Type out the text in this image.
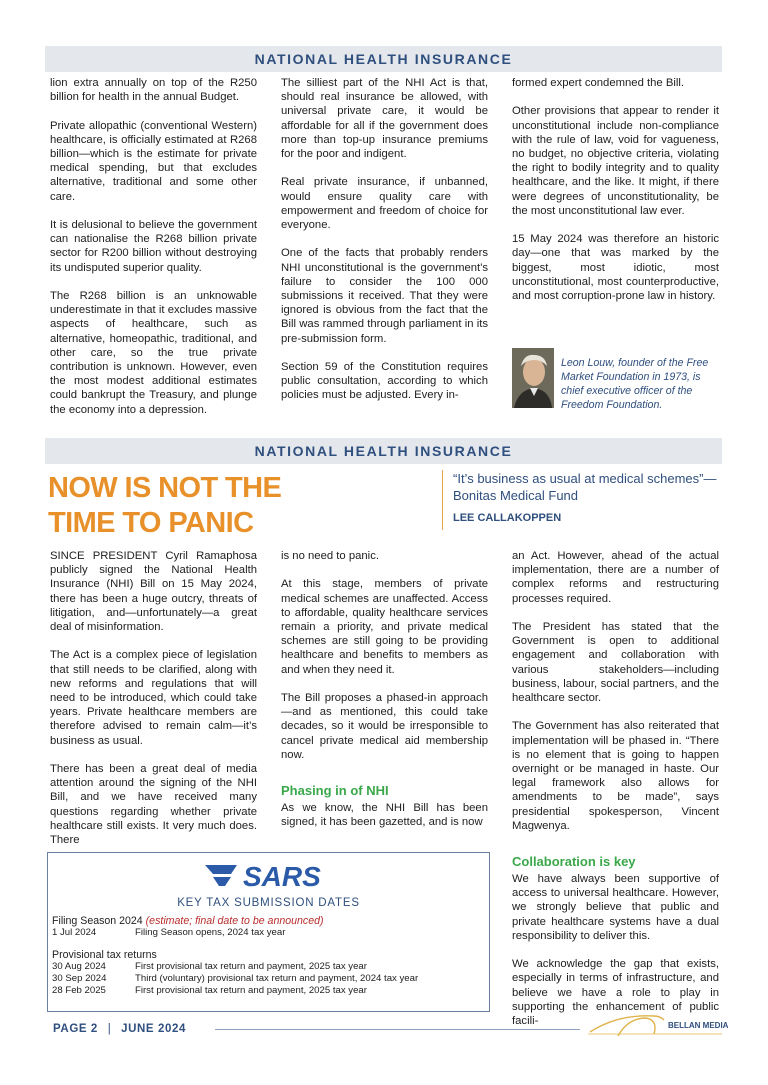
NATIONAL HEALTH INSURANCE

lion extra annually on top of the R250 billion for health in the annual Budget.

Private allopathic (conventional Western) healthcare, is officially estimated at R268 billion—which is the estimate for private medical spending, but that excludes alternative, traditional and some other care.

It is delusional to believe the government can nationalise the R268 billion private sector for R200 billion without destroying its undisputed superior quality.

The R268 billion is an unknowable underestimate in that it excludes massive aspects of healthcare, such as alternative, homeopathic, traditional, and other care, so the true private contribution is unknown. However, even the most modest additional estimates could bankrupt the Treasury, and plunge the economy into a depression.

The silliest part of the NHI Act is that, should real insurance be allowed, with universal private care, it would be affordable for all if the government does more than top-up insurance premiums for the poor and indigent.

Real private insurance, if unbanned, would ensure quality care with empowerment and freedom of choice for everyone.

One of the facts that probably renders NHI unconstitutional is the government's failure to consider the 100 000 submissions it received. That they were ignored is obvious from the fact that the Bill was rammed through parliament in its pre-submission form.

Section 59 of the Constitution requires public consultation, according to which policies must be adjusted. Every in-

formed expert condemned the Bill.

Other provisions that appear to render it unconstitutional include non-compliance with the rule of law, void for vagueness, no budget, no objective criteria, violating the right to bodily integrity and to quality healthcare, and the like. It might, if there were degrees of unconstitutionality, be the most unconstitutional law ever.

15 May 2024 was therefore an historic day—one that was marked by the biggest, most idiotic, most unconstitutional, most counterproductive, and most corruption-prone law in history.

Leon Louw, founder of the Free Market Foundation in 1973, is chief executive officer of the Freedom Foundation.
NATIONAL HEALTH INSURANCE
NOW IS NOT THE
TIME TO PANIC
“It’s business as usual at medical schemes”—Bonitas Medical Fund
LEE CALLAKOPPEN

SINCE PRESIDENT Cyril Ramaphosa publicly signed the National Health Insurance (NHI) Bill on 15 May 2024, there has been a huge outcry, threats of litigation, and—unfortunately—a great deal of misinformation.

The Act is a complex piece of legislation that still needs to be clarified, along with new reforms and regulations that will need to be introduced, which could take years. Private healthcare members are therefore advised to remain calm—it’s business as usual.

There has been a great deal of media attention around the signing of the NHI Bill, and we have received many questions regarding whether private healthcare still exists. It very much does. There

is no need to panic.

At this stage, members of private medical schemes are unaffected. Access to affordable, quality healthcare services remain a priority, and private medical schemes are still going to be providing healthcare and benefits to members as and when they need it.

The Bill proposes a phased-in approach—and as mentioned, this could take decades, so it would be irresponsible to cancel private medical aid membership now.

Phasing in of NHI

As we know, the NHI Bill has been signed, it has been gazetted, and is now

an Act. However, ahead of the actual implementation, there are a number of complex reforms and restructuring processes required.

The President has stated that the Government is open to additional engagement and collaboration with various stakeholders—including business, labour, social partners, and the healthcare sector.

The Government has also reiterated that implementation will be phased in. “There is no element that is going to happen overnight or be managed in haste. Our legal framework also allows for amendments to be made”, says presidential spokesperson, Vincent Magwenya.

Collaboration is key

We have always been supportive of access to universal healthcare. However, we strongly believe that public and private healthcare systems have a dual responsibility to deliver this.

We acknowledge the gap that exists, especially in terms of infrastructure, and believe we have a role to play in supporting the enhancement of public facili-

SARS
KEY TAX SUBMISSION DATES
Filing Season 2024 (estimate; final date to be announced)
1 Jul 2024	Filing Season opens, 2024 tax year
Provisional tax returns
30 Aug 2024	First provisional tax return and payment, 2025 tax year
30 Sep 2024	Third (voluntary) provisional tax return and payment, 2024 tax year
28 Feb 2025	First provisional tax return and payment, 2025 tax year
PAGE 2 | JUNE 2024	BELLAN MEDIA
